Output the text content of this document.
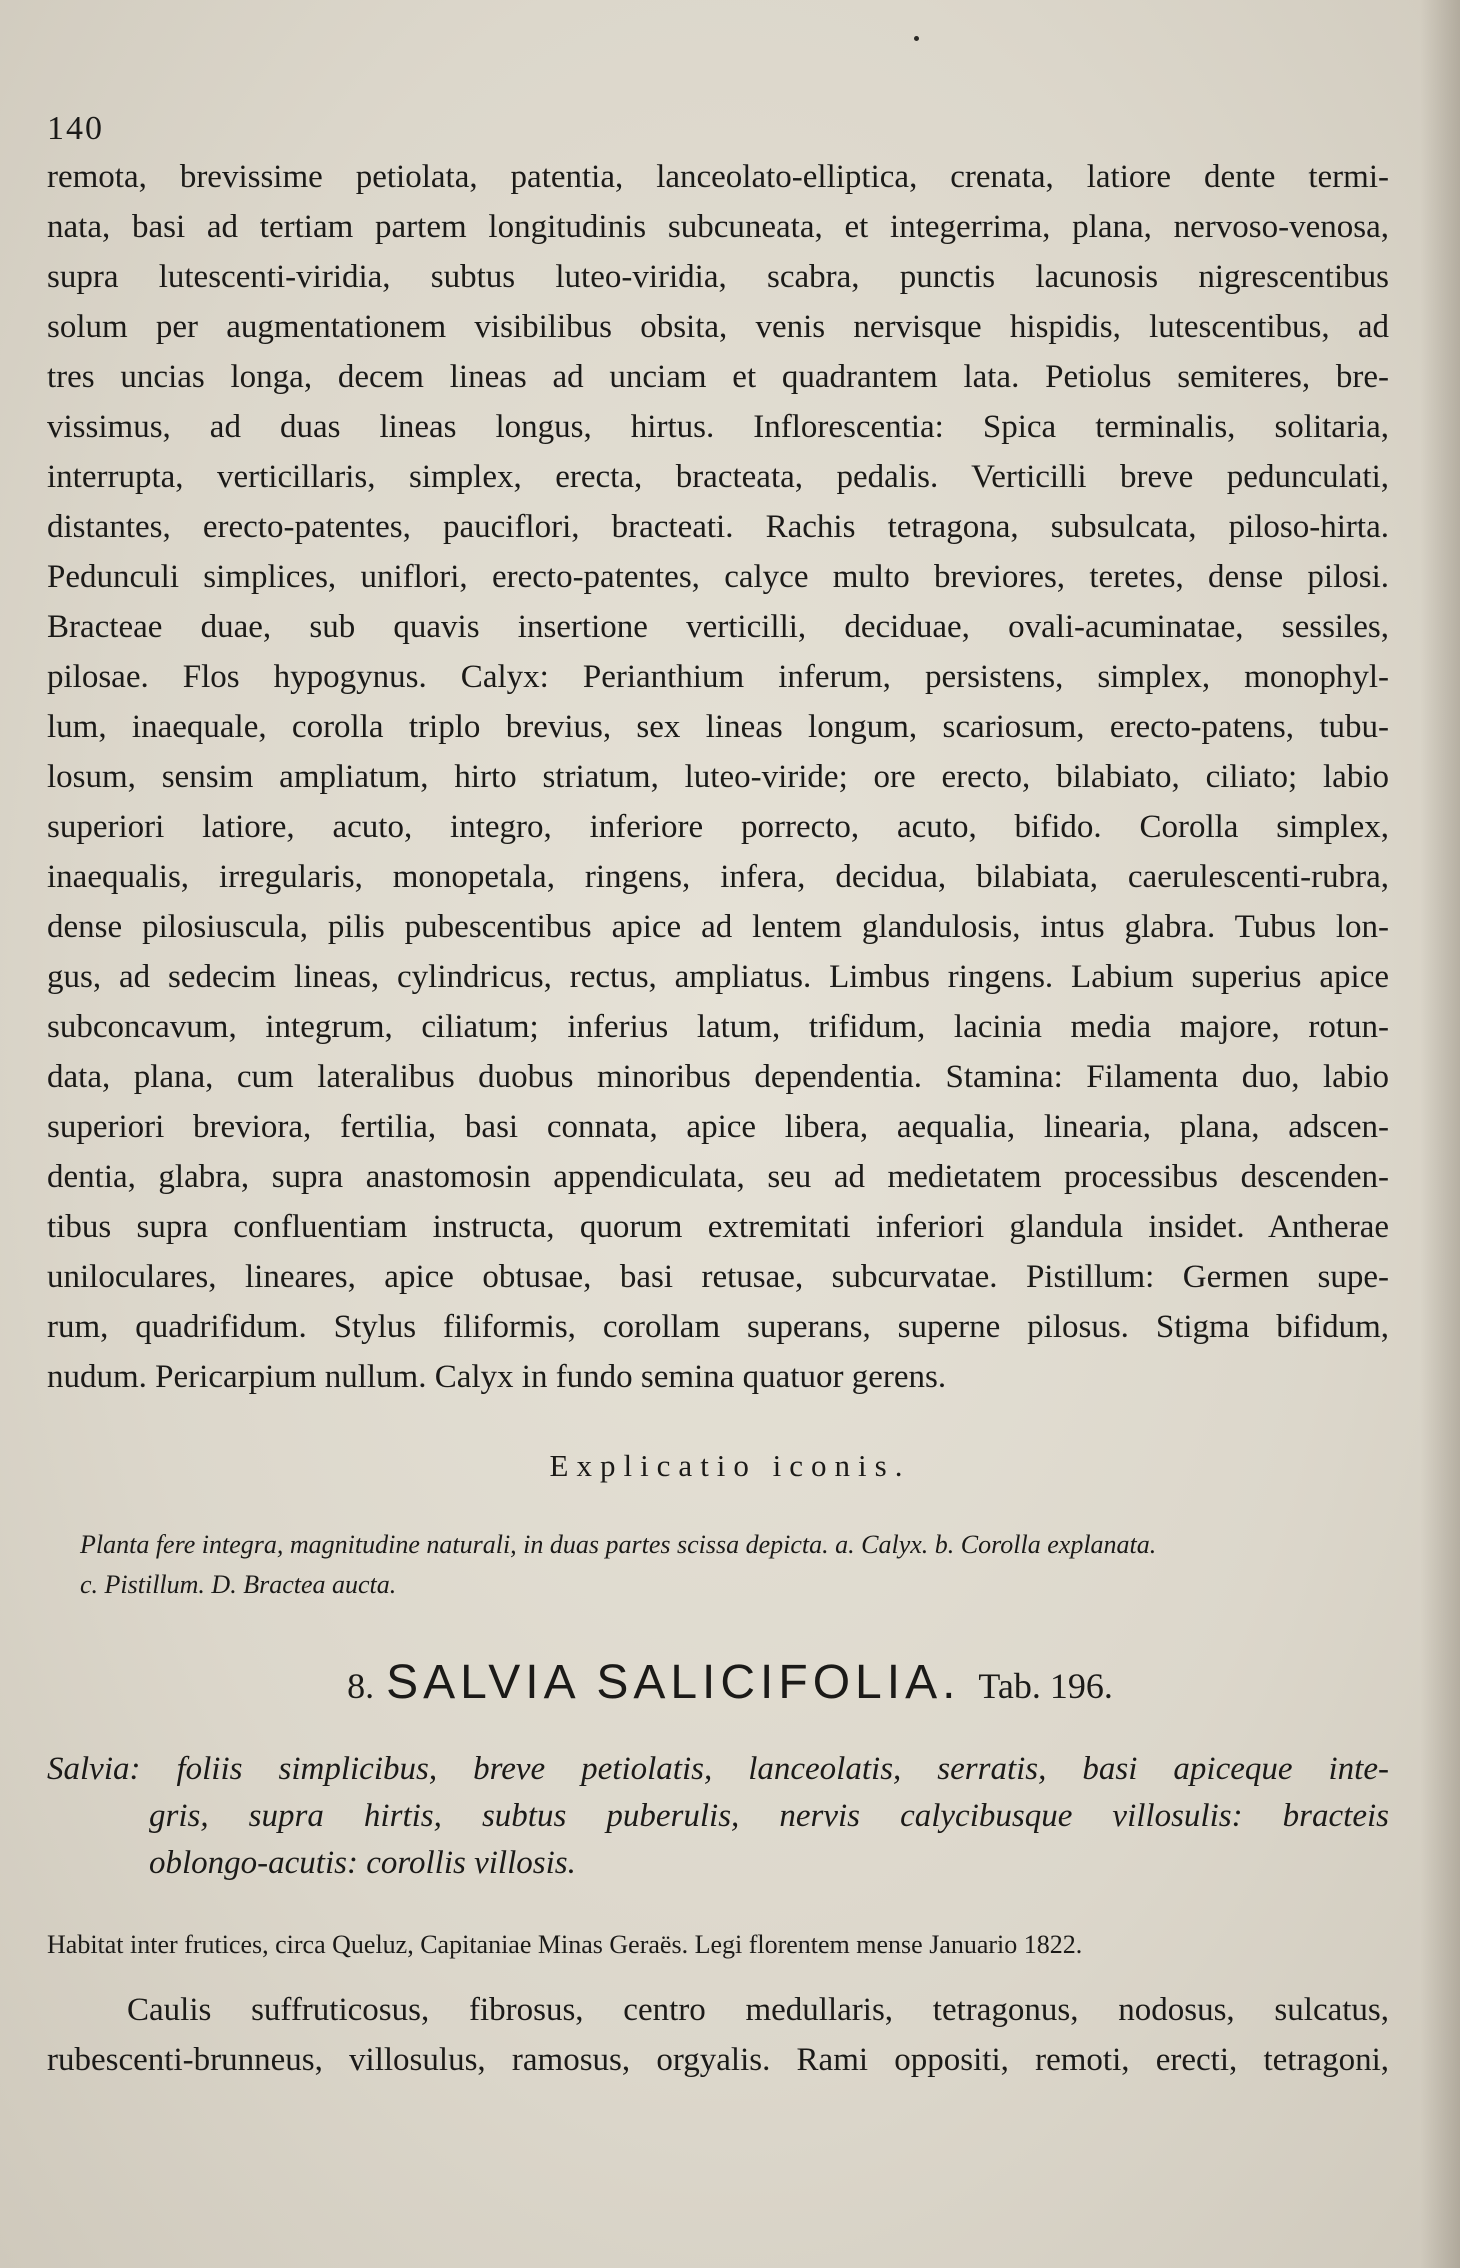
140
remota, brevissime petiolata, patentia, lanceolato-elliptica, crenata, latiore dente termi-
nata, basi ad tertiam partem longitudinis subcuneata, et integerrima, plana, nervoso-venosa,
supra lutescenti-viridia, subtus luteo-viridia, scabra, punctis lacunosis nigrescentibus
solum per augmentationem visibilibus obsita, venis nervisque hispidis, lutescentibus, ad
tres uncias longa, decem lineas ad unciam et quadrantem lata. Petiolus semiteres, bre-
vissimus, ad duas lineas longus, hirtus. Inflorescentia: Spica terminalis, solitaria,
interrupta, verticillaris, simplex, erecta, bracteata, pedalis. Verticilli breve pedunculati,
distantes, erecto-patentes, pauciflori, bracteati. Rachis tetragona, subsulcata, piloso-hirta.
Pedunculi simplices, uniflori, erecto-patentes, calyce multo breviores, teretes, dense pilosi.
Bracteae duae, sub quavis insertione verticilli, deciduae, ovali-acuminatae, sessiles,
pilosae. Flos hypogynus. Calyx: Perianthium inferum, persistens, simplex, monophyl-
lum, inaequale, corolla triplo brevius, sex lineas longum, scariosum, erecto-patens, tubu-
losum, sensim ampliatum, hirto striatum, luteo-viride; ore erecto, bilabiato, ciliato; labio
superiori latiore, acuto, integro, inferiore porrecto, acuto, bifido. Corolla simplex,
inaequalis, irregularis, monopetala, ringens, infera, decidua, bilabiata, caerulescenti-rubra,
dense pilosiuscula, pilis pubescentibus apice ad lentem glandulosis, intus glabra. Tubus lon-
gus, ad sedecim lineas, cylindricus, rectus, ampliatus. Limbus ringens. Labium superius apice
subconcavum, integrum, ciliatum; inferius latum, trifidum, lacinia media majore, rotun-
data, plana, cum lateralibus duobus minoribus dependentia. Stamina: Filamenta duo, labio
superiori breviora, fertilia, basi connata, apice libera, aequalia, linearia, plana, adscen-
dentia, glabra, supra anastomosin appendiculata, seu ad medietatem processibus descenden-
tibus supra confluentiam instructa, quorum extremitati inferiori glandula insidet. Antherae
uniloculares, lineares, apice obtusae, basi retusae, subcurvatae. Pistillum: Germen supe-
rum, quadrifidum. Stylus filiformis, corollam superans, superne pilosus. Stigma bifidum,
nudum. Pericarpium nullum. Calyx in fundo semina quatuor gerens.
Explicatio iconis.
Planta fere integra, magnitudine naturali, in duas partes scissa depicta. a. Calyx. b. Corolla explanata.
c. Pistillum. D. Bractea aucta.
8. SALVIA SALICIFOLIA. Tab. 196.
Salvia: foliis simplicibus, breve petiolatis, lanceolatis, serratis, basi apiceque inte-
gris, supra hirtis, subtus puberulis, nervis calycibusque villosulis: bracteis
oblongo-acutis: corollis villosis.
Habitat inter frutices, circa Queluz, Capitaniae Minas Geraës. Legi florentem mense Januario 1822.
Caulis suffruticosus, fibrosus, centro medullaris, tetragonus, nodosus, sulcatus,
rubescenti-brunneus, villosulus, ramosus, orgyalis. Rami oppositi, remoti, erecti, tetragoni,
